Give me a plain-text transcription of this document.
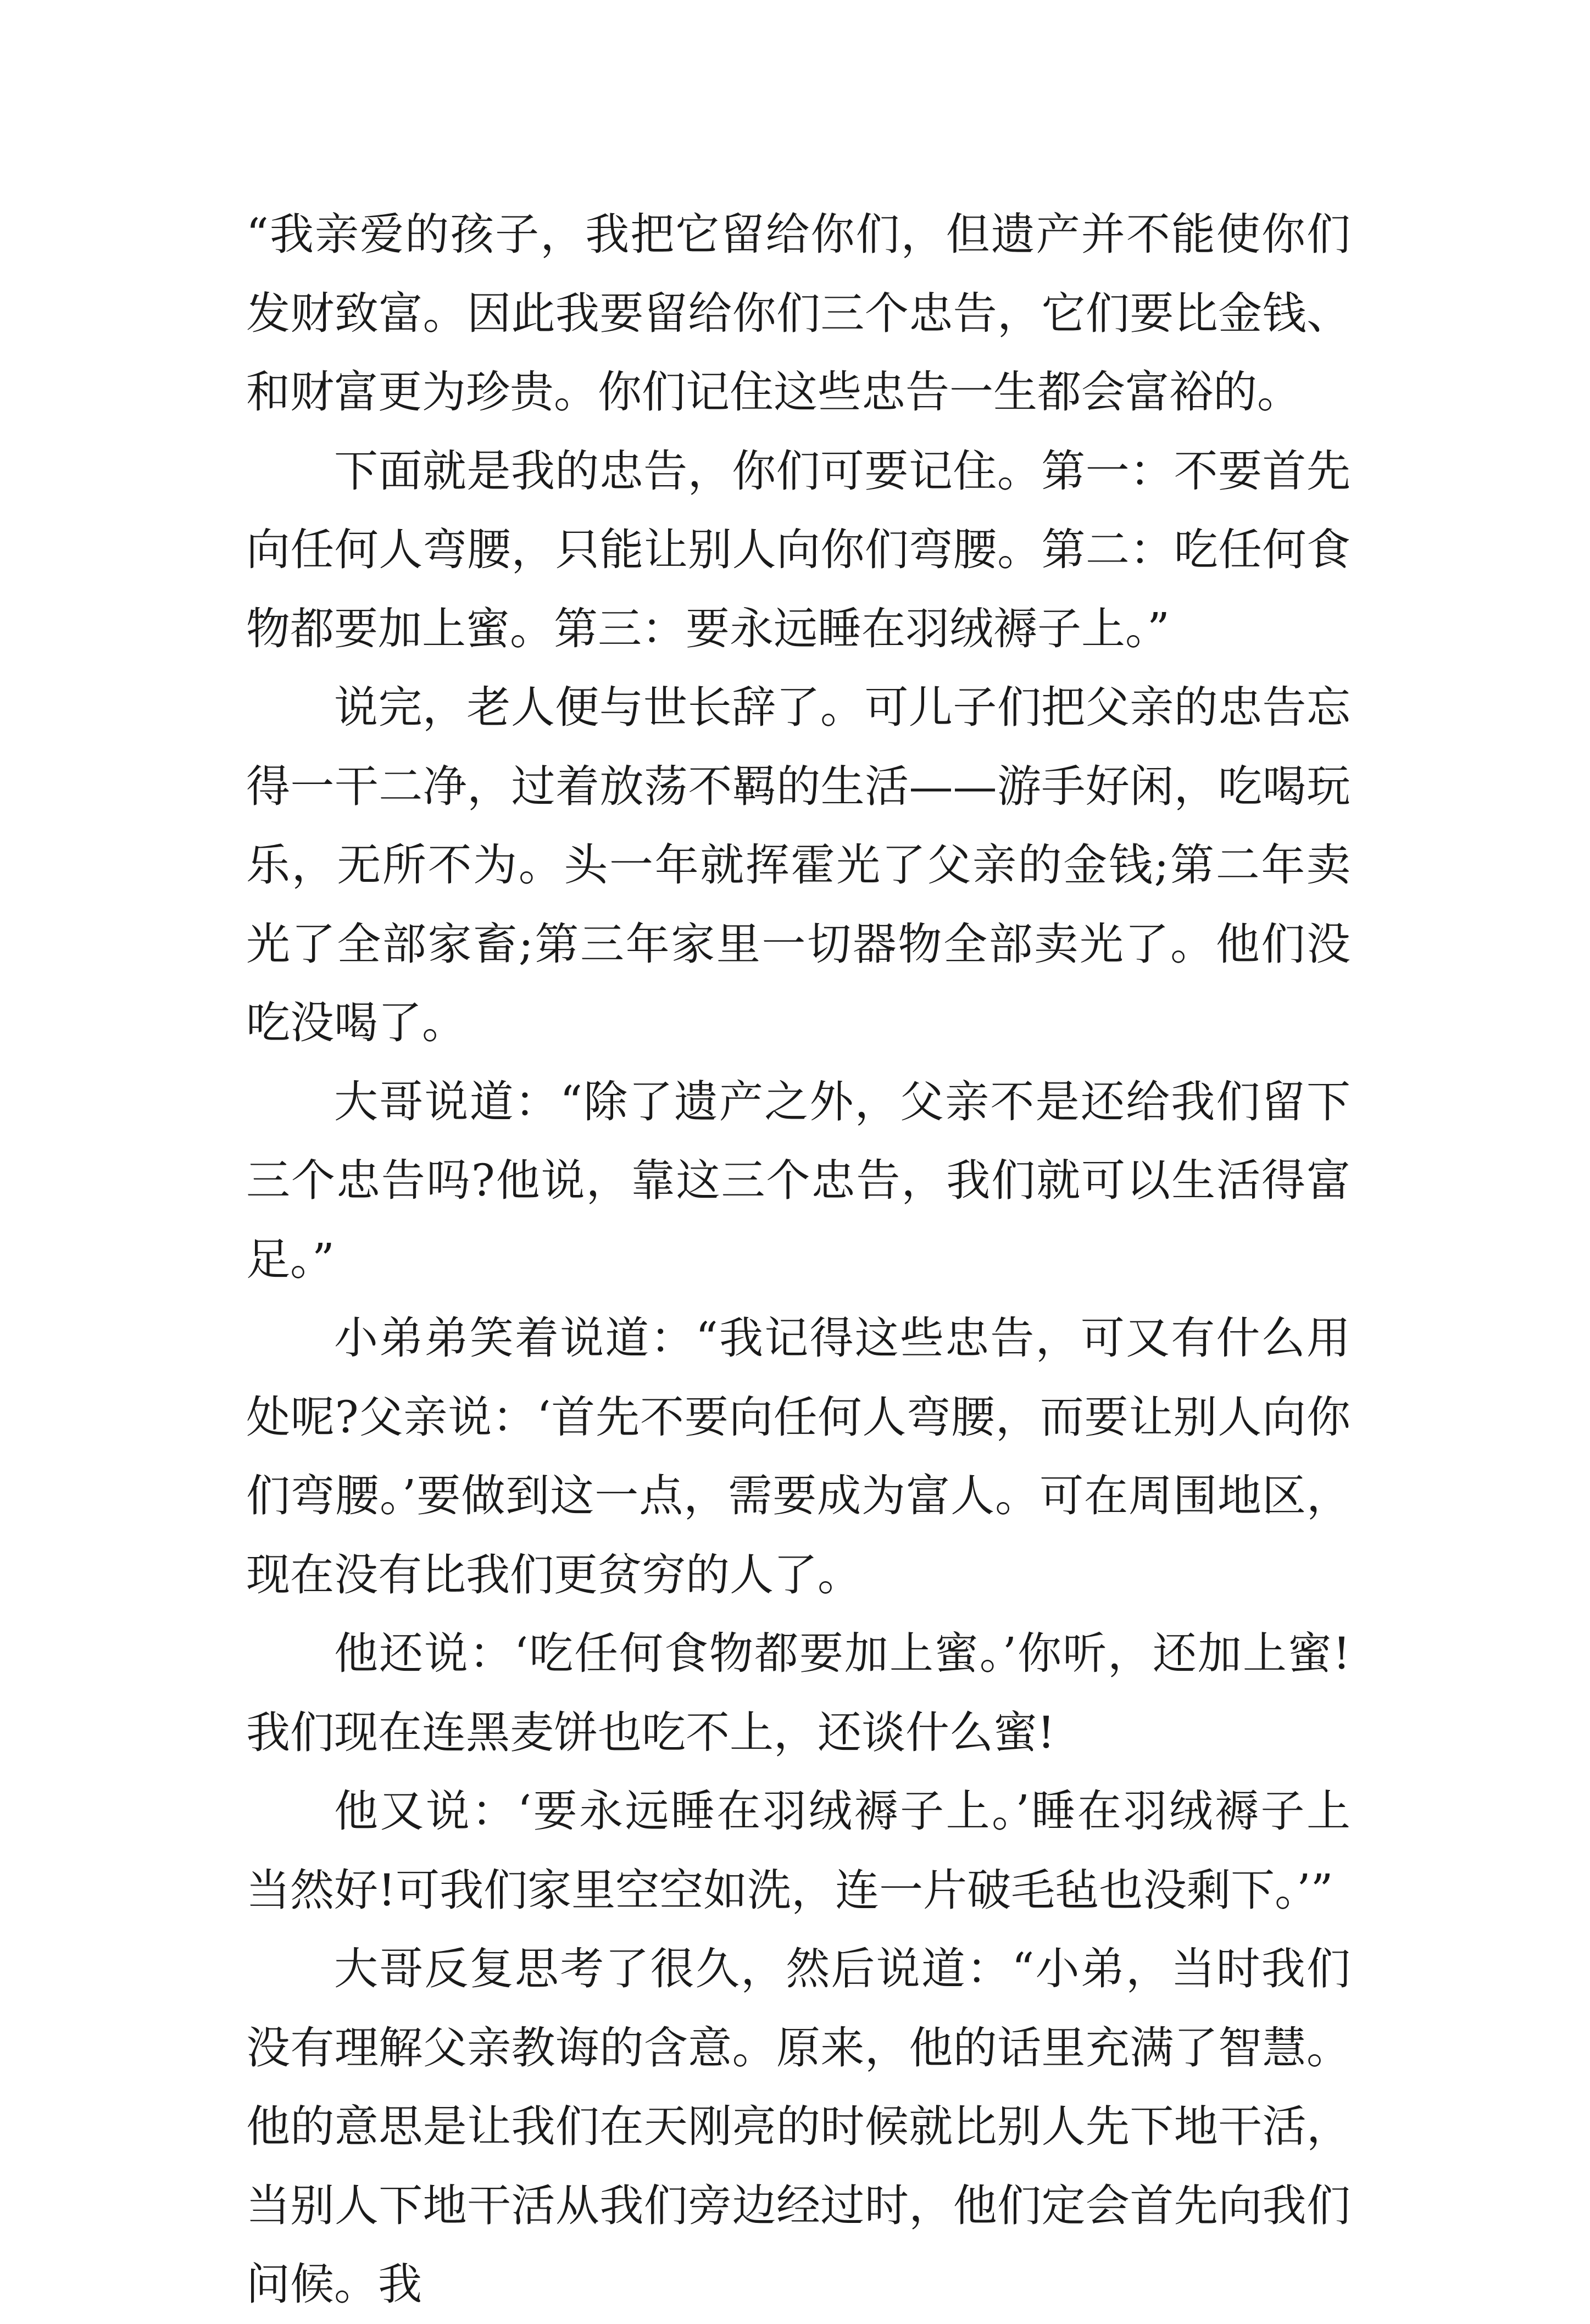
“我亲爱的孩子，我把它留给你们，但遗产并不能使你们发财致富。因此我要留给你们三个忠告，它们要比金钱、和财富更为珍贵。你们记住这些忠告一生都会富裕的。

下面就是我的忠告，你们可要记住。第一：不要首先向任何人弯腰，只能让别人向你们弯腰。第二：吃任何食物都要加上蜜。第三：要永远睡在羽绒褥子上。”

说完，老人便与世长辞了。可儿子们把父亲的忠告忘得一干二净，过着放荡不羁的生活——游手好闲，吃喝玩乐，无所不为。头一年就挥霍光了父亲的金钱;第二年卖光了全部家畜;第三年家里一切器物全部卖光了。他们没吃没喝了。

大哥说道：“除了遗产之外，父亲不是还给我们留下三个忠告吗?他说，靠这三个忠告，我们就可以生活得富足。”

小弟弟笑着说道：“我记得这些忠告，可又有什么用处呢?父亲说：‘首先不要向任何人弯腰，而要让别人向你们弯腰。’要做到这一点，需要成为富人。可在周围地区，现在没有比我们更贫穷的人了。

他还说：‘吃任何食物都要加上蜜。’你听，还加上蜜!我们现在连黑麦饼也吃不上，还谈什么蜜!

他又说：‘要永远睡在羽绒褥子上。’睡在羽绒褥子上当然好!可我们家里空空如洗，连一片破毛毡也没剩下。’”

大哥反复思考了很久，然后说道：“小弟，当时我们没有理解父亲教诲的含意。原来，他的话里充满了智慧。他的意思是让我们在天刚亮的时候就比别人先下地干活，当别人下地干活从我们旁边经过时，他们定会首先向我们问候。我
